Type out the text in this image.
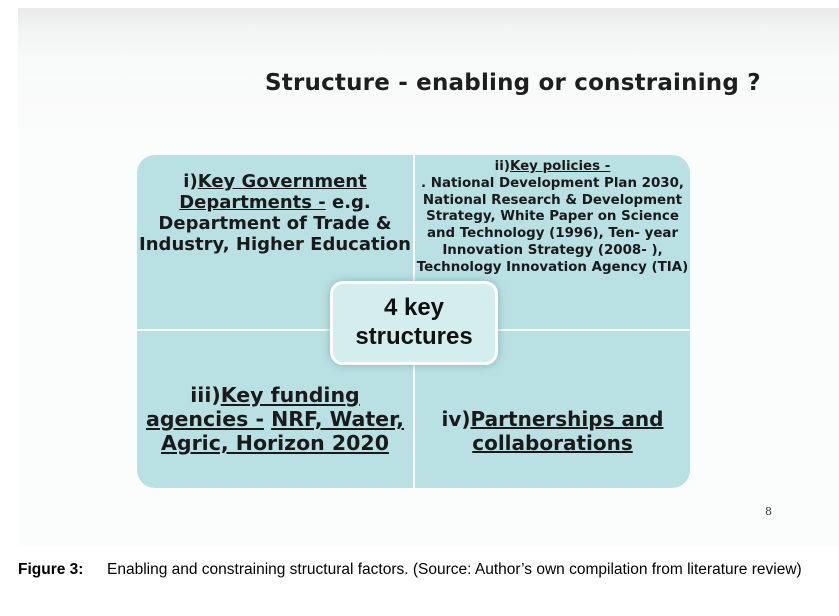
Structure - enabling or constraining ?
8
i)Key Government Departments - e.g. Department of Trade & Industry, Higher Education
ii)Key policies -
. National Development Plan 2030, National Research & Development Strategy, White Paper on Science and Technology (1996), Ten- year Innovation Strategy (2008- ), Technology Innovation Agency (TIA)
iii)Key funding agencies - NRF, Water, Agric, Horizon 2020
iv)Partnerships and collaborations
4 key structures
Figure 3: Enabling and constraining structural factors. (Source: Author’s own compilation from literature review)
